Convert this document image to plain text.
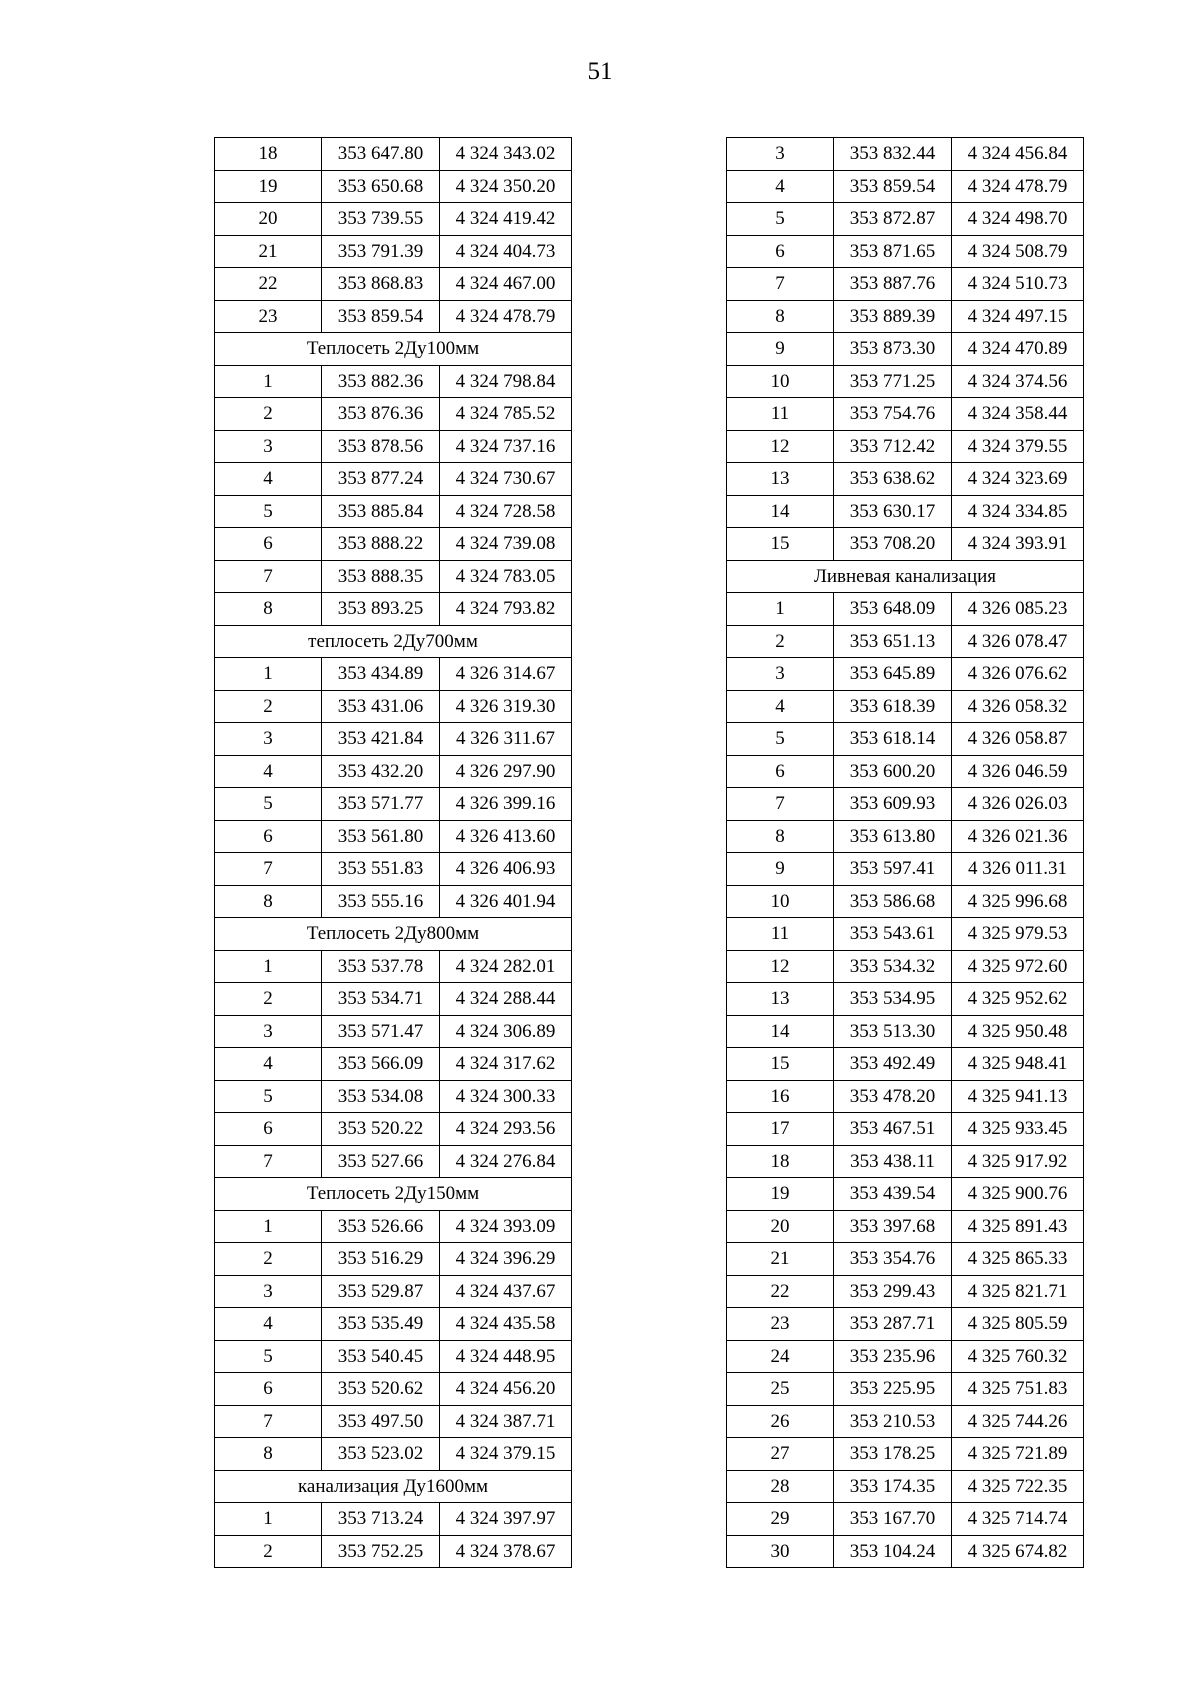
51
18	353 647.80	4 324 343.02
19	353 650.68	4 324 350.20
20	353 739.55	4 324 419.42
21	353 791.39	4 324 404.73
22	353 868.83	4 324 467.00
23	353 859.54	4 324 478.79
Теплосеть 2Ду100мм		
1	353 882.36	4 324 798.84
2	353 876.36	4 324 785.52
3	353 878.56	4 324 737.16
4	353 877.24	4 324 730.67
5	353 885.84	4 324 728.58
6	353 888.22	4 324 739.08
7	353 888.35	4 324 783.05
8	353 893.25	4 324 793.82
теплосеть 2Ду700мм		
1	353 434.89	4 326 314.67
2	353 431.06	4 326 319.30
3	353 421.84	4 326 311.67
4	353 432.20	4 326 297.90
5	353 571.77	4 326 399.16
6	353 561.80	4 326 413.60
7	353 551.83	4 326 406.93
8	353 555.16	4 326 401.94
Теплосеть 2Ду800мм		
1	353 537.78	4 324 282.01
2	353 534.71	4 324 288.44
3	353 571.47	4 324 306.89
4	353 566.09	4 324 317.62
5	353 534.08	4 324 300.33
6	353 520.22	4 324 293.56
7	353 527.66	4 324 276.84
Теплосеть 2Ду150мм		
1	353 526.66	4 324 393.09
2	353 516.29	4 324 396.29
3	353 529.87	4 324 437.67
4	353 535.49	4 324 435.58
5	353 540.45	4 324 448.95
6	353 520.62	4 324 456.20
7	353 497.50	4 324 387.71
8	353 523.02	4 324 379.15
канализация Ду1600мм		
1	353 713.24	4 324 397.97
2	353 752.25	4 324 378.67
3	353 832.44	4 324 456.84
4	353 859.54	4 324 478.79
5	353 872.87	4 324 498.70
6	353 871.65	4 324 508.79
7	353 887.76	4 324 510.73
8	353 889.39	4 324 497.15
9	353 873.30	4 324 470.89
10	353 771.25	4 324 374.56
11	353 754.76	4 324 358.44
12	353 712.42	4 324 379.55
13	353 638.62	4 324 323.69
14	353 630.17	4 324 334.85
15	353 708.20	4 324 393.91
Ливневая канализация		
1	353 648.09	4 326 085.23
2	353 651.13	4 326 078.47
3	353 645.89	4 326 076.62
4	353 618.39	4 326 058.32
5	353 618.14	4 326 058.87
6	353 600.20	4 326 046.59
7	353 609.93	4 326 026.03
8	353 613.80	4 326 021.36
9	353 597.41	4 326 011.31
10	353 586.68	4 325 996.68
11	353 543.61	4 325 979.53
12	353 534.32	4 325 972.60
13	353 534.95	4 325 952.62
14	353 513.30	4 325 950.48
15	353 492.49	4 325 948.41
16	353 478.20	4 325 941.13
17	353 467.51	4 325 933.45
18	353 438.11	4 325 917.92
19	353 439.54	4 325 900.76
20	353 397.68	4 325 891.43
21	353 354.76	4 325 865.33
22	353 299.43	4 325 821.71
23	353 287.71	4 325 805.59
24	353 235.96	4 325 760.32
25	353 225.95	4 325 751.83
26	353 210.53	4 325 744.26
27	353 178.25	4 325 721.89
28	353 174.35	4 325 722.35
29	353 167.70	4 325 714.74
30	353 104.24	4 325 674.82
